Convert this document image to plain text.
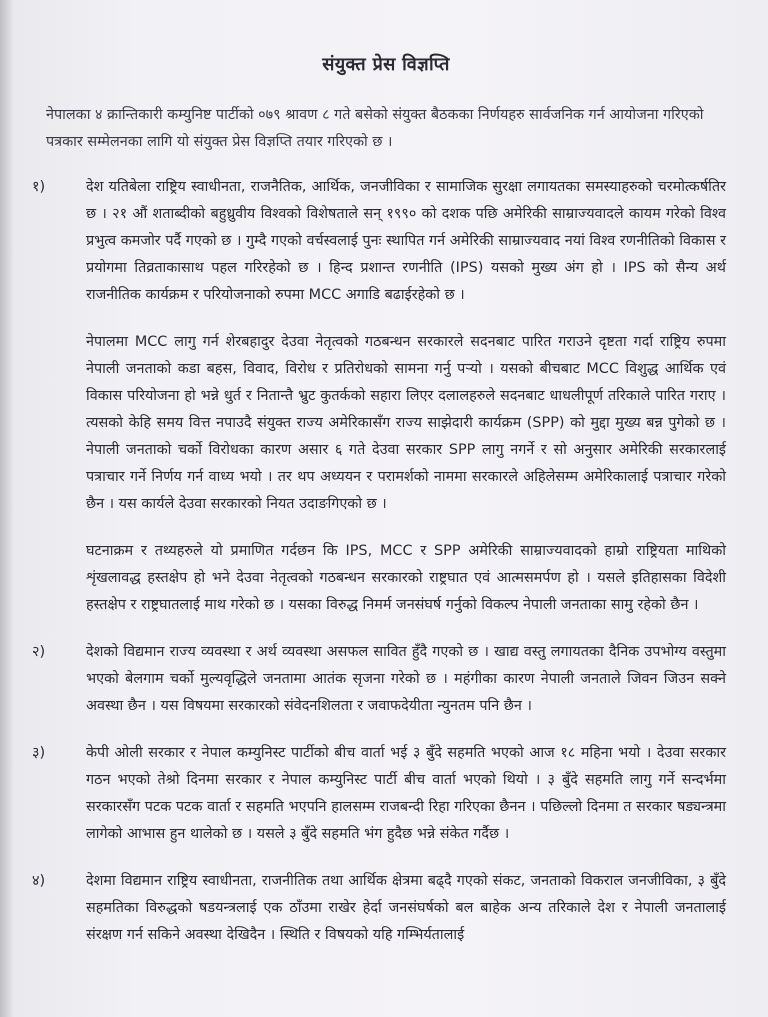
संयुक्त प्रेस विज्ञप्ति
नेपालका ४ क्रान्तिकारी कम्युनिष्ट पार्टीको ०७९ श्रावण ८ गते बसेको संयुक्त बैठकका निर्णयहरु सार्वजनिक गर्न आयोजना गरिएको पत्रकार सम्मेलनका लागि यो संयुक्त प्रेस विज्ञप्ति तयार गरिएको छ ।
१)	देश यतिबेला राष्ट्रिय स्वाधीनता, राजनैतिक, आर्थिक, जनजीविका र सामाजिक सुरक्षा लगायतका समस्याहरुको चरमोत्कर्षतिर छ । २१ औं शताब्दीको बहुध्रुवीय विश्वको विशेषताले सन् १९९० को दशक पछि अमेरिकी साम्राज्यवादले कायम गरेको विश्व प्रभुत्व कमजोर पर्दै गएको छ । गुम्दै गएको वर्चस्वलाई पुनः स्थापित गर्न अमेरिकी साम्राज्यवाद नयां विश्व रणनीतिको विकास र प्रयोगमा तिव्रताकासाथ पहल गरिरहेको छ । हिन्द प्रशान्त रणनीति (IPS) यसको मुख्य अंग हो । IPS को सैन्य अर्थ राजनीतिक कार्यक्रम र परियोजनाको रुपमा MCC अगाडि बढाईरहेको छ ।
नेपालमा MCC लागु गर्न शेरबहादुर देउवा नेतृत्वको गठबन्धन सरकारले सदनबाट पारित गराउने दृष्टता गर्दा राष्ट्रिय रुपमा नेपाली जनताको कडा बहस, विवाद, विरोध र प्रतिरोधको सामना गर्नु पर्‍यो । यसको बीचबाट MCC विशुद्ध आर्थिक एवं विकास परियोजना हो भन्ने धुर्त र नितान्तै भ्रुट कुतर्कको सहारा लिएर दलालहरुले सदनबाट धाधलीपूर्ण तरिकाले पारित गराए । त्यसको केहि समय वित्त नपाउदै संयुक्त राज्य अमेरिकासँग राज्य साझेदारी कार्यक्रम (SPP) को मुद्दा मुख्य बन्न पुगेको छ । नेपाली जनताको चर्को विरोधका कारण असार ६ गते देउवा सरकार SPP लागु नगर्ने र सो अनुसार अमेरिकी सरकारलाई पत्राचार गर्ने निर्णय गर्न वाध्य भयो । तर थप अध्ययन र परामर्शको नाममा सरकारले अहिलेसम्म अमेरिकालाई पत्राचार गरेको छैन । यस कार्यले देउवा सरकारको नियत उदाङगिएको छ ।
घटनाक्रम र तथ्यहरुले यो प्रमाणित गर्दछन कि IPS, MCC र SPP अमेरिकी साम्राज्यवादको हाम्रो राष्ट्रियता माथिको शृंखलावद्ध हस्तक्षेप हो भने देउवा नेतृत्वको गठबन्धन सरकारको राष्ट्रघात एवं आत्मसमर्पण हो । यसले इतिहासका विदेशी हस्तक्षेप र राष्ट्रघातलाई माथ गरेको छ । यसका विरुद्ध निमर्म जनसंघर्ष गर्नुको विकल्प नेपाली जनताका सामु रहेको छैन ।
२)	देशको विद्यमान राज्य व्यवस्था र अर्थ व्यवस्था असफल सावित हुँदै गएको छ । खाद्य वस्तु लगायतका दैनिक उपभोग्य वस्तुमा भएको बेलगाम चर्को मुल्यवृद्धिले जनतामा आतंक सृजना गरेको छ । महंगीका कारण नेपाली जनताले जिवन जिउन सक्ने अवस्था छैन । यस विषयमा सरकारको संवेदनशिलता र जवाफदेयीता न्युनतम पनि छैन ।
३)	केपी ओली सरकार र नेपाल कम्युनिस्ट पार्टीको बीच वार्ता भई ३ बुँदे सहमति भएको आज १८ महिना भयो । देउवा सरकार गठन भएको तेश्रो दिनमा सरकार र नेपाल कम्युनिस्ट पार्टी बीच वार्ता भएको थियो । ३ बुँदे सहमति लागु गर्ने सन्दर्भमा सरकारसँग पटक पटक वार्ता र सहमति भएपनि हालसम्म राजबन्दी रिहा गरिएका छैनन । पछिल्लो दिनमा त सरकार षड्यन्त्रमा लागेको आभास हुन थालेको छ । यसले ३ बुँदे सहमति भंग हुदैछ भन्ने संकेत गर्दैछ ।
४)	देशमा विद्यमान राष्ट्रिय स्वाधीनता, राजनीतिक तथा आर्थिक क्षेत्रमा बढ्दै गएको संकट, जनताको विकराल जनजीविका, ३ बुँदे सहमतिका विरुद्धको षडयन्त्रलाई एक ठाँउमा राखेर हेर्दा जनसंघर्षको बल बाहेक अन्य तरिकाले देश र नेपाली जनतालाई संरक्षण गर्न सकिने अवस्था देखिदैन । स्थिति र विषयको यहि गम्भिर्यतालाई
